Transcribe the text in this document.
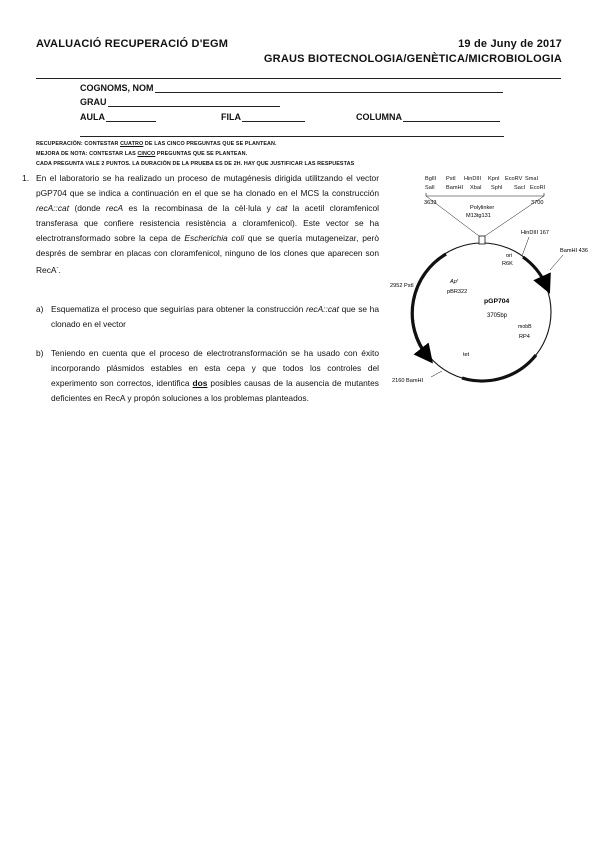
AVALUACIÓ RECUPERACIÓ D'EGM	19 de Juny de 2017
GRAUS BIOTECNOLOGIA/GENÈTICA/MICROBIOLOGIA
COGNOMS, NOM
GRAU
AULA	FILA	COLUMNA
RECUPERACIÓN: CONTESTAR CUATRO DE LAS CINCO PREGUNTAS QUE SE PLANTEAN.
MEJORA DE NOTA: CONTESTAR LAS CINCO PREGUNTAS QUE SE PLANTEAN.
CADA PREGUNTA VALE 2 PUNTOS. LA DURACIÓN DE LA PRUEBA ES DE 2H. HAY QUE JUSTIFICAR LAS RESPUESTAS
1. En el laboratorio se ha realizado un proceso de mutagénesis dirigida utilitzando el vector pGP704 que se indica a continuación en el que se ha clonado en el MCS la construcción recA::cat (donde recA es la recombinasa de la cèl·lula y cat la acetil cloramfenicol transferasa que confiere resistencia resistència a cloramfenicol). Este vector se ha electrotransformado sobre la cepa de Escherichia coli que se quería mutageneizar, però després de sembrar en placas con cloramfenicol, ninguno de los clones que aparecen son RecA-.
a) Esquematiza el proceso que seguirías para obtener la construcción recA::cat que se ha clonado en el vector
b) Teniendo en cuenta que el proceso de electrotransformación se ha usado con éxito incorporando plásmidos estables en esta cepa y que todos los controles del experimento son correctos, identifica dos posibles causas de la ausencia de mutantes deficientes en RecA y propón soluciones a los problemas planteados.
BglII PstI HinDIII KpnI EcoRV SmaI
SalI BamHI XbaI SphI SacI EcoRI
3633	3700
Polylinker
M13tg131
HinDIII 167
BamHI 436
ori
R6K
2952 PstI
Ap$^r$
pBR322
pGP704
3705bp
mobB
RP4
tet
2160 BamHI
